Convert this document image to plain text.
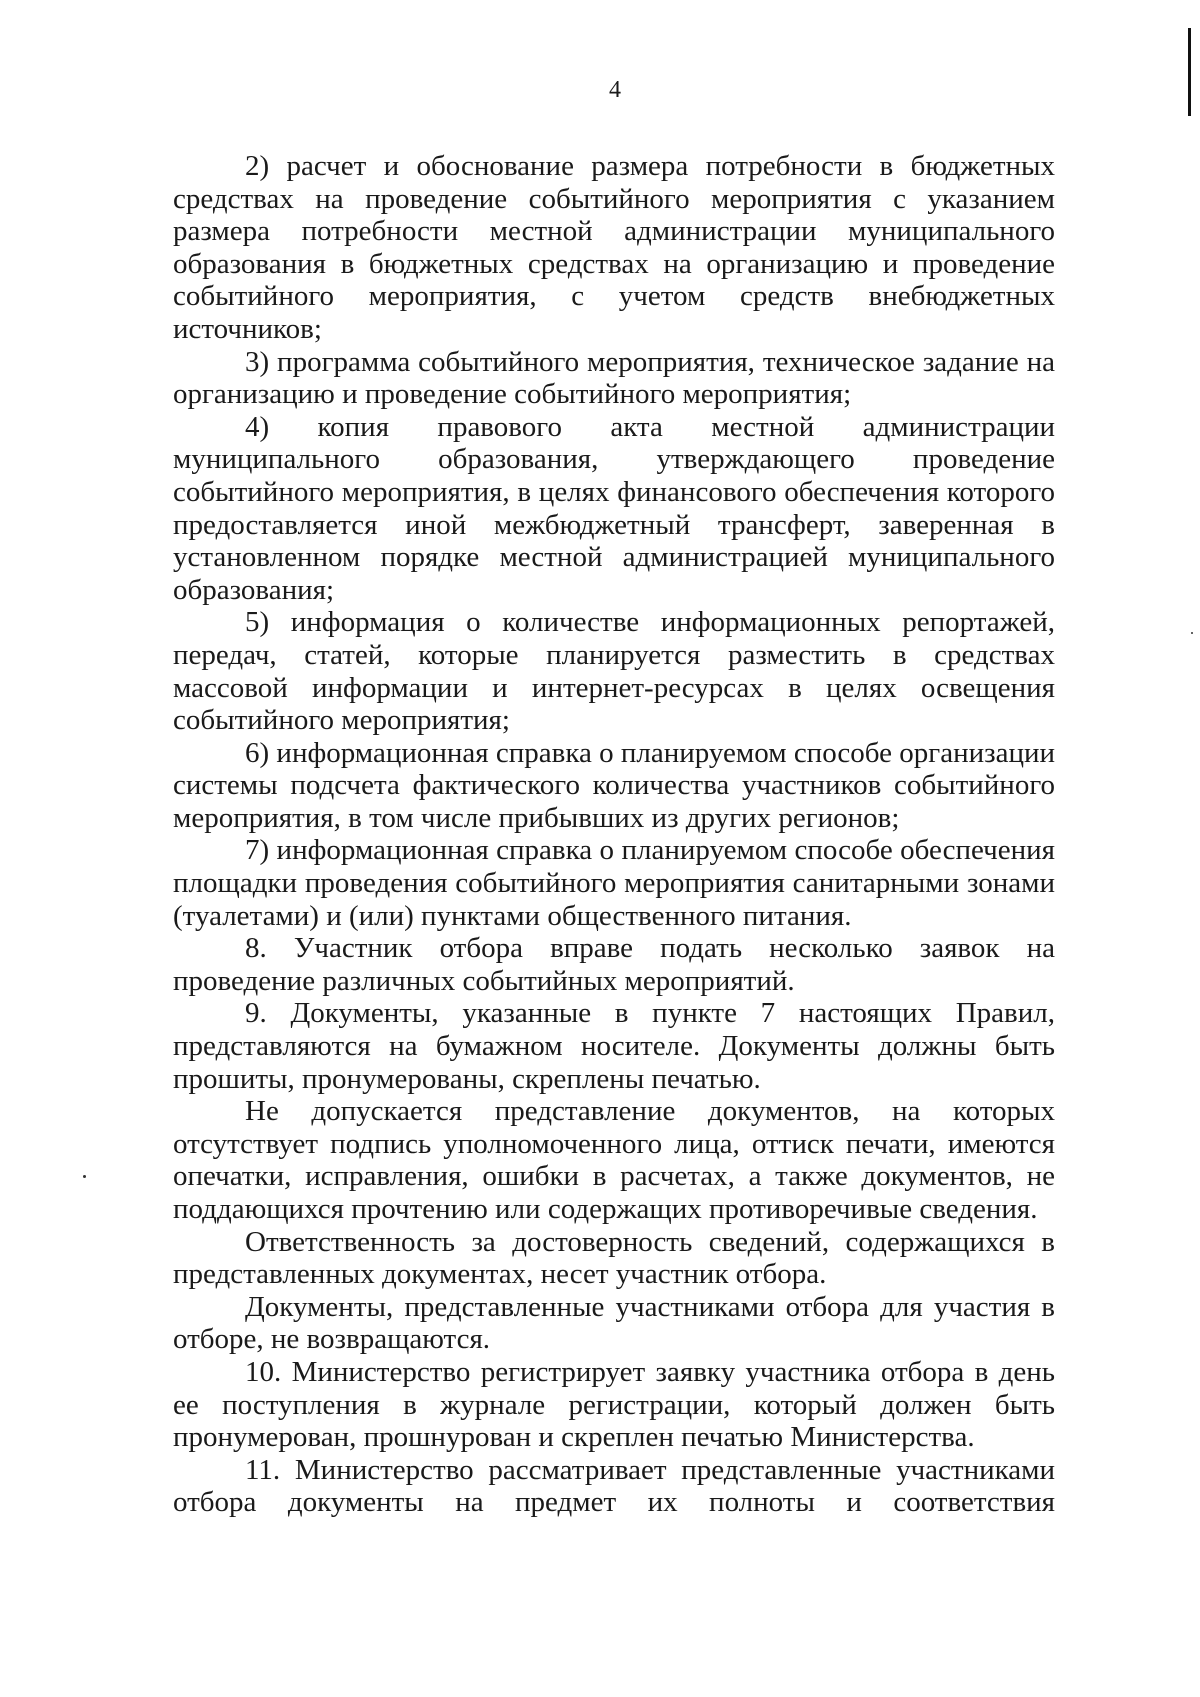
4

2) расчет и обоснование размера потребности в бюджетных средствах на проведение событийного мероприятия с указанием размера потребности местной администрации муниципального образования в бюджетных средствах на организацию и проведение событийного мероприятия, с учетом средств внебюджетных источников;

3) программа событийного мероприятия, техническое задание на организацию и проведение событийного мероприятия;

4) копия правового акта местной администрации муниципального образования, утверждающего проведение событийного мероприятия, в целях финансового обеспечения которого предоставляется иной межбюджетный трансферт, заверенная в установленном порядке местной администрацией муниципального образования;

5) информация о количестве информационных репортажей, передач, статей, которые планируется разместить в средствах массовой информации и интернет-ресурсах в целях освещения событийного мероприятия;

6) информационная справка о планируемом способе организации системы подсчета фактического количества участников событийного мероприятия, в том числе прибывших из других регионов;

7) информационная справка о планируемом способе обеспечения площадки проведения событийного мероприятия санитарными зонами (туалетами) и (или) пунктами общественного питания.

8. Участник отбора вправе подать несколько заявок на проведение различных событийных мероприятий.

9. Документы, указанные в пункте 7 настоящих Правил, представляются на бумажном носителе. Документы должны быть прошиты, пронумерованы, скреплены печатью.

Не допускается представление документов, на которых отсутствует подпись уполномоченного лица, оттиск печати, имеются опечатки, исправления, ошибки в расчетах, а также документов, не поддающихся прочтению или содержащих противоречивые сведения.

Ответственность за достоверность сведений, содержащихся в представленных документах, несет участник отбора.

Документы, представленные участниками отбора для участия в отборе, не возвращаются.

10. Министерство регистрирует заявку участника отбора в день ее поступления в журнале регистрации, который должен быть пронумерован, прошнурован и скреплен печатью Министерства.

11. Министерство рассматривает представленные участниками отбора документы на предмет их полноты и соответствия
